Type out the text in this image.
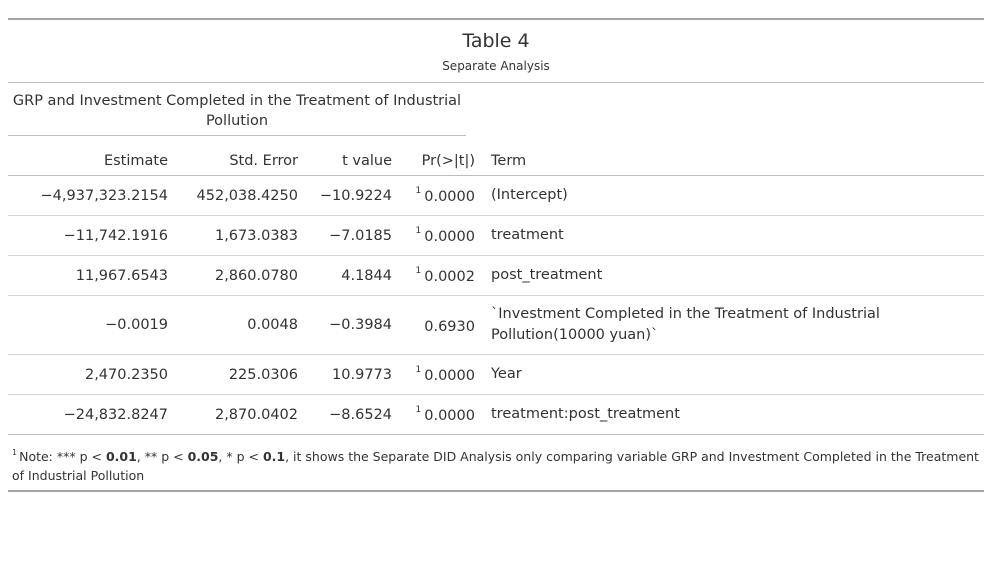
Table 4
Separate Analysis
GRP and Investment Completed in the Treatment of Industrial Pollution
Estimate	Std. Error	t value	Pr(>|t|)	Term
−4,937,323.2154	452,038.4250	−10.9224	$^1$ 0.0000	(Intercept)
−11,742.1916	1,673.0383	−7.0185	$^1$ 0.0000	treatment
11,967.6543	2,860.0780	4.1844	$^1$ 0.0002	post_treatment
−0.0019	0.0048	−0.3984	0.6930	`Investment Completed in the Treatment of Industrial Pollution(10000 yuan)`
2,470.2350	225.0306	10.9773	$^1$ 0.0000	Year
−24,832.8247	2,870.0402	−8.6524	$^1$ 0.0000	treatment:post_treatment
$^1$ Note: *** p < 0.01, ** p < 0.05, * p < 0.1, it shows the Separate DID Analysis only comparing variable GRP and Investment Completed in the Treatment of Industrial Pollution
